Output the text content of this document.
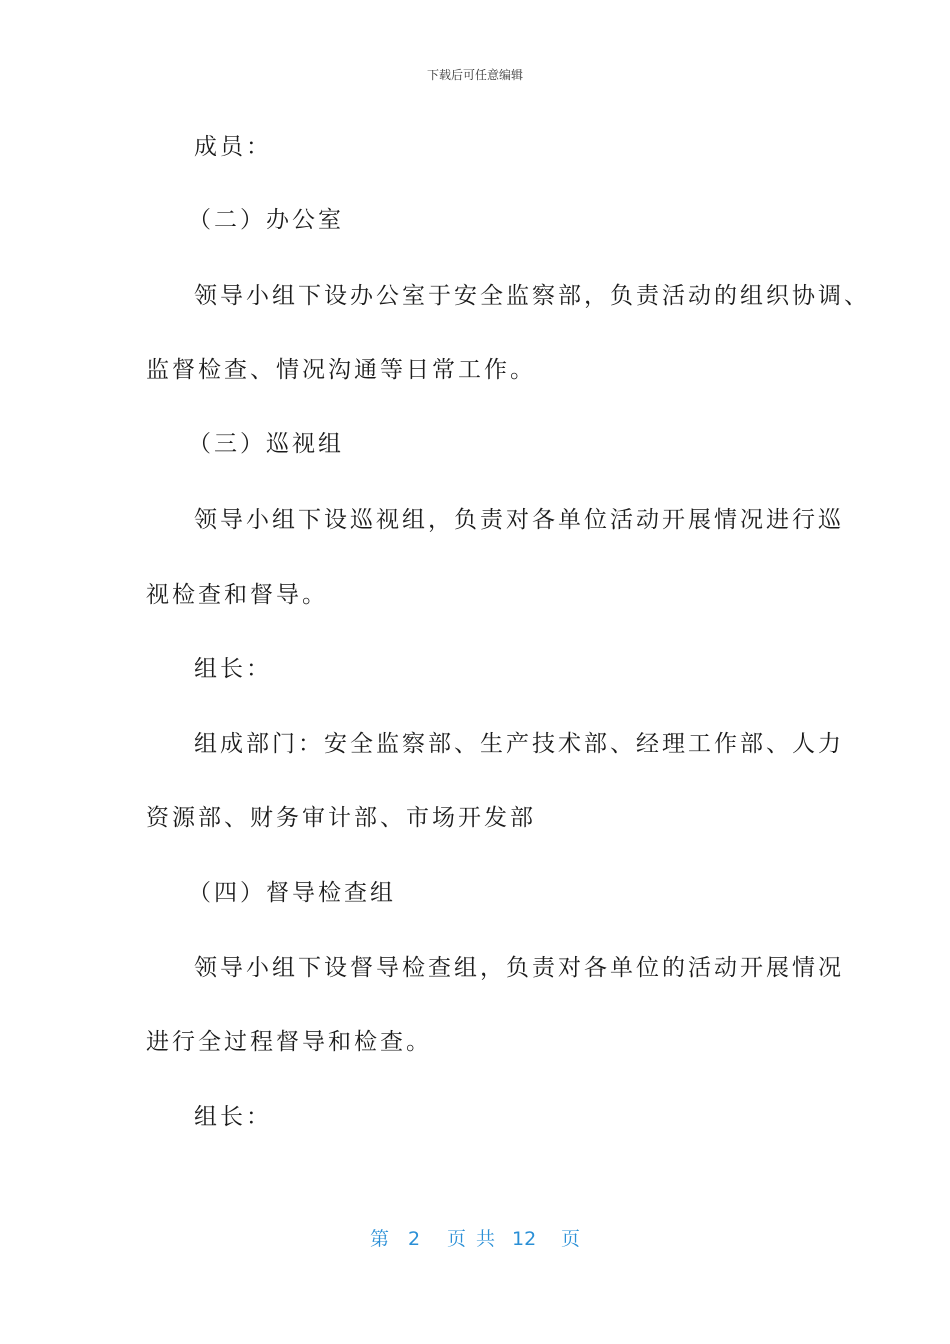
下载后可任意编辑
成员：
（二）办公室
领导小组下设办公室于安全监察部，负责活动的组织协调、
监督检查、情况沟通等日常工作。
（三）巡视组
领导小组下设巡视组，负责对各单位活动开展情况进行巡
视检查和督导。
组长：
组成部门：安全监察部、生产技术部、经理工作部、人力
资源部、财务审计部、市场开发部
（四）督导检查组
领导小组下设督导检查组，负责对各单位的活动开展情况
进行全过程督导和检查。
组长：
第 2 页 共 12 页
